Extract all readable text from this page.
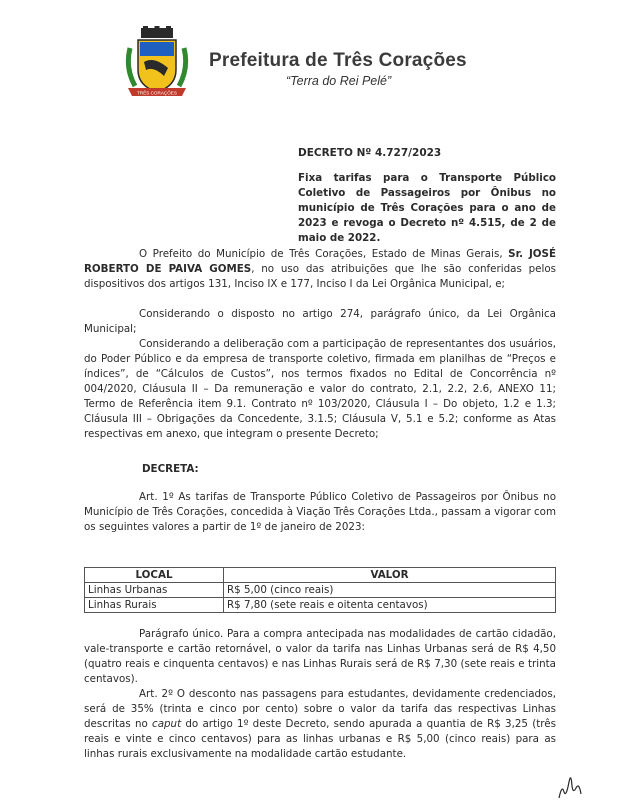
TRÊS CORAÇÕES
Prefeitura de Três Corações
“Terra do Rei Pelé”
DECRETO Nº 4.727/2023
Fixa tarifas para o Transporte Público Coletivo de Passageiros por Ônibus no município de Três Corações para o ano de 2023 e revoga o Decreto nº 4.515, de 2 de maio de 2022.
O Prefeito do Município de Três Corações, Estado de Minas Gerais, Sr. JOSÉ ROBERTO DE PAIVA GOMES, no uso das atribuições que lhe são conferidas pelos dispositivos dos artigos 131, Inciso IX e 177, Inciso I da Lei Orgânica Municipal, e;
Considerando o disposto no artigo 274, parágrafo único, da Lei Orgânica Municipal;
Considerando a deliberação com a participação de representantes dos usuários, do Poder Público e da empresa de transporte coletivo, firmada em planilhas de “Preços e índices”, de “Cálculos de Custos”, nos termos fixados no Edital de Concorrência nº 004/2020, Cláusula II – Da remuneração e valor do contrato, 2.1, 2.2, 2.6, ANEXO 11; Termo de Referência item 9.1. Contrato nº 103/2020, Cláusula I – Do objeto, 1.2 e 1.3; Cláusula III – Obrigações da Concedente, 3.1.5; Cláusula V, 5.1 e 5.2; conforme as Atas respectivas em anexo, que integram o presente Decreto;
DECRETA:
Art. 1º As tarifas de Transporte Público Coletivo de Passageiros por Ônibus no Município de Três Corações, concedida à Viação Três Corações Ltda., passam a vigorar com os seguintes valores a partir de 1º de janeiro de 2023:
LOCAL	VALOR
Linhas Urbanas	R$ 5,00 (cinco reais)
Linhas Rurais	R$ 7,80 (sete reais e oitenta centavos)
Parágrafo único. Para a compra antecipada nas modalidades de cartão cidadão, vale-transporte e cartão retornável, o valor da tarifa nas Linhas Urbanas será de R$ 4,50 (quatro reais e cinquenta centavos) e nas Linhas Rurais será de R$ 7,30 (sete reais e trinta centavos).
Art. 2º O desconto nas passagens para estudantes, devidamente credenciados, será de 35% (trinta e cinco por cento) sobre o valor da tarifa das respectivas Linhas descritas no caput do artigo 1º deste Decreto, sendo apurada a quantia de R$ 3,25 (três reais e vinte e cinco centavos) para as linhas urbanas e R$ 5,00 (cinco reais) para as linhas rurais exclusivamente na modalidade cartão estudante.
